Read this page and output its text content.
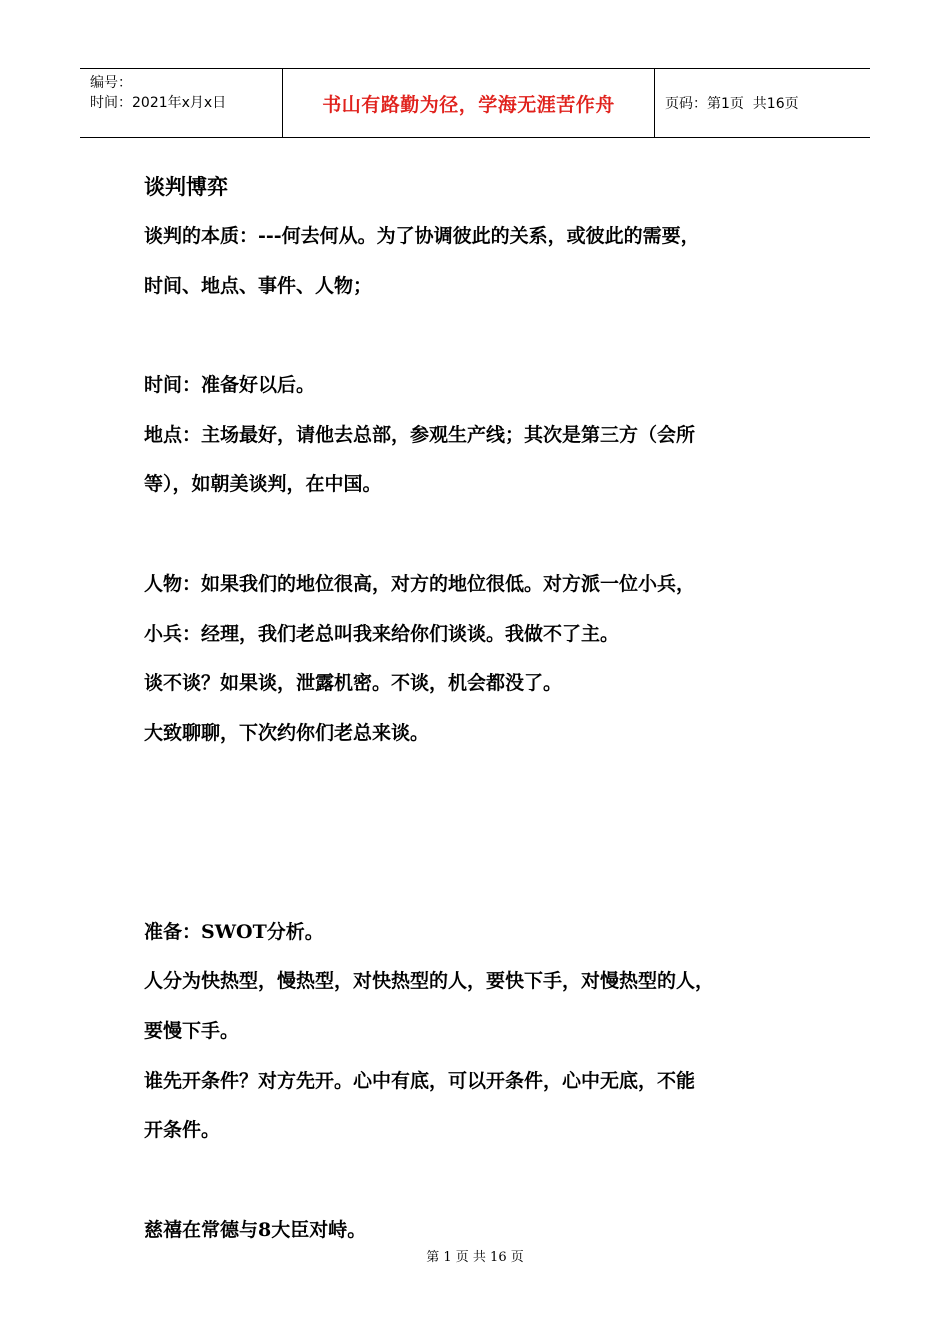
编号：
时间：2021年x月x日	书山有路勤为径，学海无涯苦作舟	页码：第1页  共16页
谈判博弈
谈判的本质：---何去何从。为了协调彼此的关系，或彼此的需要，
时间、地点、事件、人物；
时间：准备好以后。
地点：主场最好，请他去总部，参观生产线；其次是第三方（会所
等），如朝美谈判，在中国。
人物：如果我们的地位很高，对方的地位很低。对方派一位小兵，
小兵：经理，我们老总叫我来给你们谈谈。我做不了主。
谈不谈？如果谈，泄露机密。不谈，机会都没了。
大致聊聊，下次约你们老总来谈。
准备：SWOT分析。
人分为快热型，慢热型，对快热型的人，要快下手，对慢热型的人，
要慢下手。
谁先开条件？对方先开。心中有底，可以开条件，心中无底，不能
开条件。
慈禧在常德与8大臣对峙。
第 1 页 共 16 页
